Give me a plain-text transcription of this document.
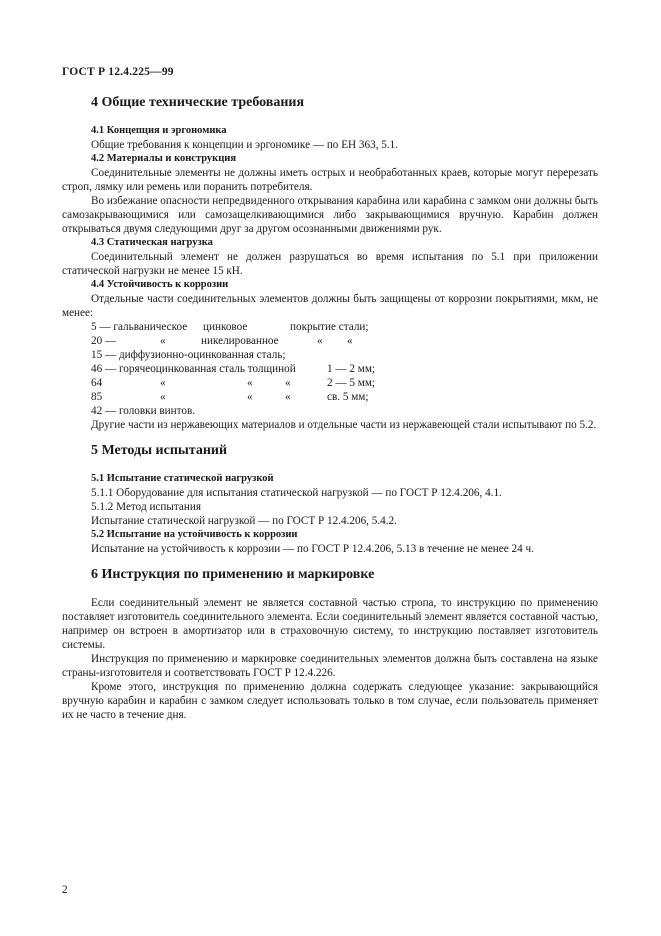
ГОСТ Р 12.4.225—99
4 Общие технические требования

4.1 Концепция и эргономика

Общие требования к концепции и эргономике — по ЕН 363, 5.1.

4.2 Материалы и конструкция

Соединительные элементы не должны иметь острых и необработанных краев, которые могут перерезать строп, лямку или ремень или поранить потребителя.

Во избежание опасности непредвиденного открывания карабина или карабина с замком они должны быть самозакрывающимися или самозащелкивающимися либо закрывающимися вручную. Карабин должен открываться двумя следующими друг за другом осознанными движениями рук.

4.3 Статическая нагрузка

Соединительный элемент не должен разрушаться во время испытания по 5.1 при приложении статической нагрузки не менее 15 кН.

4.4 Устойчивость к коррозии

Отдельные части соединительных элементов должны быть защищены от коррозии покрытиями, мкм, не менее:

5 — гальваническое цинковое	покрытие стали;
20 —	«	никелированное	« «
15 — диффузионно-оцинкованная сталь;
46 — горячеоцинкованная сталь толщиной	1 — 2 мм;
64	«	«	«	2 — 5 мм;
85	«	«	«	св. 5 мм;
42 — головки винтов.

Другие части из нержавеющих материалов и отдельные части из нержавеющей стали испытывают по 5.2.

5 Методы испытаний

5.1 Испытание статической нагрузкой

5.1.1 Оборудование для испытания статической нагрузкой — по ГОСТ Р 12.4.206, 4.1.

5.1.2 Метод испытания

Испытание статической нагрузкой — по ГОСТ Р 12.4.206, 5.4.2.

5.2 Испытание на устойчивость к коррозии

Испытание на устойчивость к коррозии — по ГОСТ Р 12.4.206, 5.13 в течение не менее 24 ч.

6 Инструкция по применению и маркировке

Если соединительный элемент не является составной частью стропа, то инструкцию по применению поставляет изготовитель соединительного элемента. Если соединительный элемент является составной частью, например он встроен в амортизатор или в страховочную систему, то инструкцию поставляет изготовитель системы.

Инструкция по применению и маркировке соединительных элементов должна быть составлена на языке страны-изготовителя и соответствовать ГОСТ Р 12.4.226.

Кроме этого, инструкция по применению должна содержать следующее указание: закрывающийся вручную карабин и карабин с замком следует использовать только в том случае, если пользователь применяет их не часто в течение дня.

2
